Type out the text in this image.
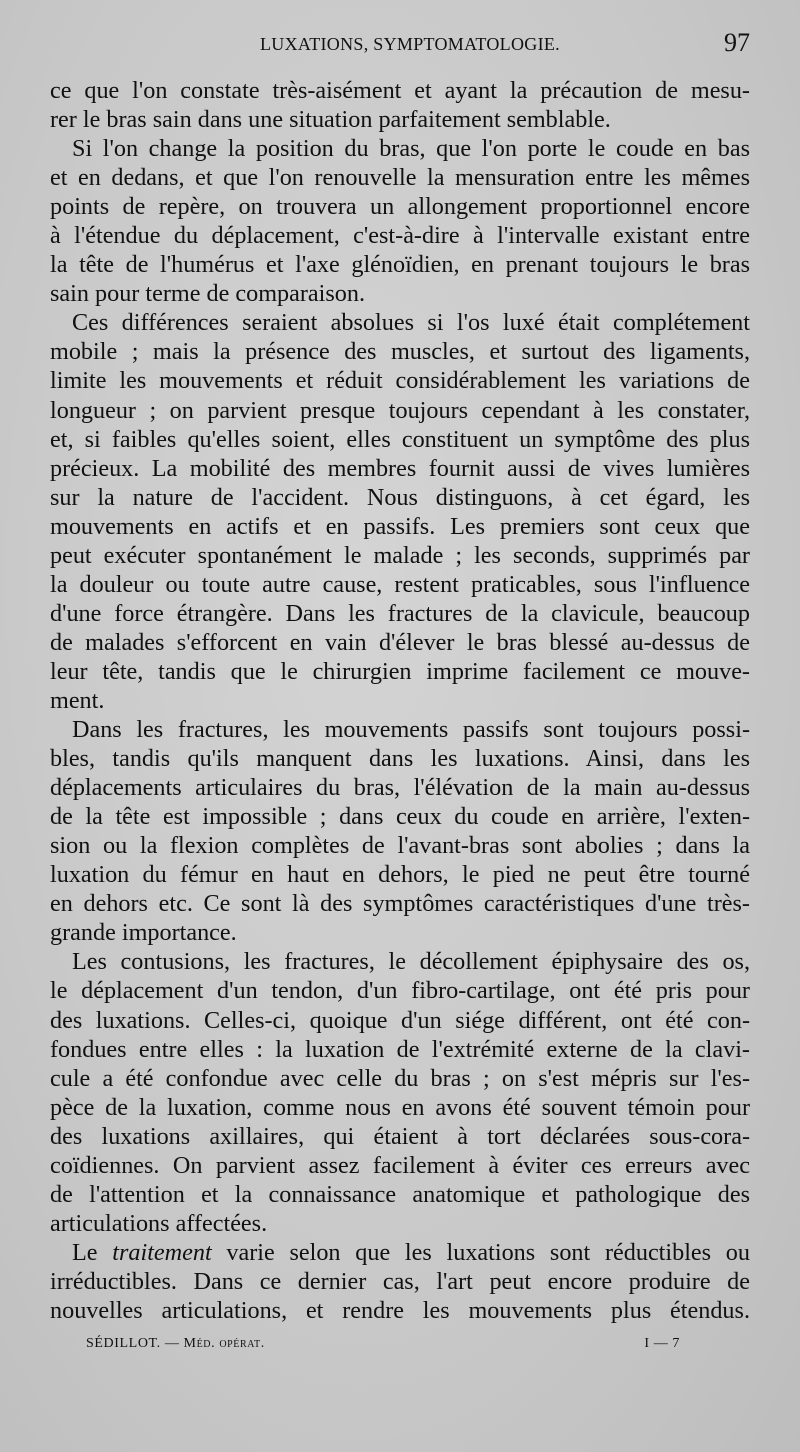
LUXATIONS, SYMPTOMATOLOGIE.	97
ce que l'on constate très-aisément et ayant la précaution de mesu-
rer le bras sain dans une situation parfaitement semblable.
Si l'on change la position du bras, que l'on porte le coude en bas
et en dedans, et que l'on renouvelle la mensuration entre les mêmes
points de repère, on trouvera un allongement proportionnel encore
à l'étendue du déplacement, c'est-à-dire à l'intervalle existant entre
la tête de l'humérus et l'axe glénoïdien, en prenant toujours le bras
sain pour terme de comparaison.
Ces différences seraient absolues si l'os luxé était complétement
mobile ; mais la présence des muscles, et surtout des ligaments,
limite les mouvements et réduit considérablement les variations de
longueur ; on parvient presque toujours cependant à les constater,
et, si faibles qu'elles soient, elles constituent un symptôme des plus
précieux. La mobilité des membres fournit aussi de vives lumières
sur la nature de l'accident. Nous distinguons, à cet égard, les
mouvements en actifs et en passifs. Les premiers sont ceux que
peut exécuter spontanément le malade ; les seconds, supprimés par
la douleur ou toute autre cause, restent praticables, sous l'influence
d'une force étrangère. Dans les fractures de la clavicule, beaucoup
de malades s'efforcent en vain d'élever le bras blessé au-dessus de
leur tête, tandis que le chirurgien imprime facilement ce mouve-
ment.
Dans les fractures, les mouvements passifs sont toujours possi-
bles, tandis qu'ils manquent dans les luxations. Ainsi, dans les
déplacements articulaires du bras, l'élévation de la main au-dessus
de la tête est impossible ; dans ceux du coude en arrière, l'exten-
sion ou la flexion complètes de l'avant-bras sont abolies ; dans la
luxation du fémur en haut en dehors, le pied ne peut être tourné
en dehors etc. Ce sont là des symptômes caractéristiques d'une très-
grande importance.
Les contusions, les fractures, le décollement épiphysaire des os,
le déplacement d'un tendon, d'un fibro-cartilage, ont été pris pour
des luxations. Celles-ci, quoique d'un siége différent, ont été con-
fondues entre elles : la luxation de l'extrémité externe de la clavi-
cule a été confondue avec celle du bras ; on s'est mépris sur l'es-
pèce de la luxation, comme nous en avons été souvent témoin pour
des luxations axillaires, qui étaient à tort déclarées sous-cora-
coïdiennes. On parvient assez facilement à éviter ces erreurs avec
de l'attention et la connaissance anatomique et pathologique des
articulations affectées.
Le traitement varie selon que les luxations sont réductibles ou
irréductibles. Dans ce dernier cas, l'art peut encore produire de
nouvelles articulations, et rendre les mouvements plus étendus.
SÉDILLOT. — Méd. opérat.	I — 7
